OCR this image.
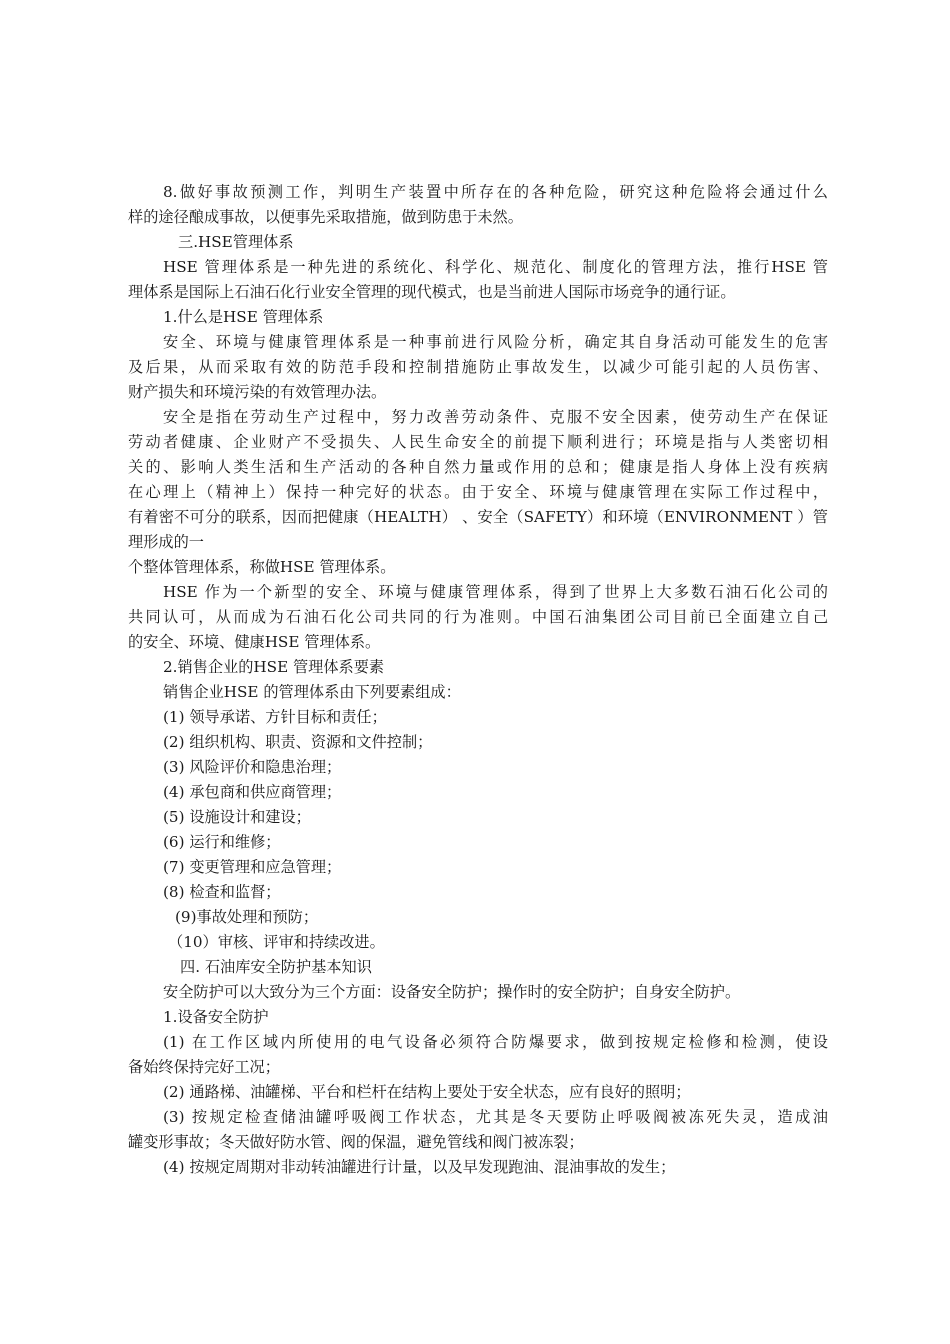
8.做好事故预测工作，判明生产装置中所存在的各种危险，研究这种危险将会通过什么
样的途径酿成事故，以便事先采取措施，做到防患于未然。
三.HSE管理体系
HSE 管理体系是一种先进的系统化、科学化、规范化、制度化的管理方法，推行HSE 管
理体系是国际上石油石化行业安全管理的现代模式，也是当前进人国际市场竞争的通行证。
1.什么是HSE 管理体系
安全、环境与健康管理体系是一种事前进行风险分析，确定其自身活动可能发生的危害
及后果，从而采取有效的防范手段和控制措施防止事故发生，以减少可能引起的人员伤害、
财产损失和环境污染的有效管理办法。
安全是指在劳动生产过程中，努力改善劳动条件、克服不安全因素，使劳动生产在保证
劳动者健康、企业财产不受损失、人民生命安全的前提下顺利进行；环境是指与人类密切相
关的、影响人类生活和生产活动的各种自然力量或作用的总和；健康是指人身体上没有疾病
在心理上（精神上）保持一种完好的状态。由于安全、环境与健康管理在实际工作过程中，
有着密不可分的联系，因而把健康（HEALTH） 、安全（SAFETY）和环境（ENVIRONMENT ）管
理形成的一
个整体管理体系，称做HSE 管理体系。
HSE 作为一个新型的安全、环境与健康管理体系，得到了世界上大多数石油石化公司的
共同认可，从而成为石油石化公司共同的行为准则。中国石油集团公司目前已全面建立自己
的安全、环境、健康HSE 管理体系。
2.销售企业的HSE 管理体系要素
销售企业HSE 的管理体系由下列要素组成：
(1) 领导承诺、方针目标和责任；
(2) 组织机构、职责、资源和文件控制；
(3) 风险评价和隐患治理；
(4) 承包商和供应商管理；
(5) 设施设计和建设；
(6) 运行和维修；
(7) 变更管理和应急管理；
(8) 检查和监督；
(9)事故处理和预防；
（10）审核、评审和持续改进。
四. 石油库安全防护基本知识
安全防护可以大致分为三个方面：设备安全防护；操作时的安全防护；自身安全防护。
1.设备安全防护
(1) 在工作区域内所使用的电气设备必须符合防爆要求，做到按规定检修和检测，使设
备始终保持完好工况；
(2) 通路梯、油罐梯、平台和栏杆在结构上要处于安全状态，应有良好的照明；
(3) 按规定检查储油罐呼吸阀工作状态，尤其是冬天要防止呼吸阀被冻死失灵，造成油
罐变形事故；冬天做好防水管、阀的保温，避免管线和阀门被冻裂；
(4) 按规定周期对非动转油罐进行计量，以及早发现跑油、混油事故的发生；
